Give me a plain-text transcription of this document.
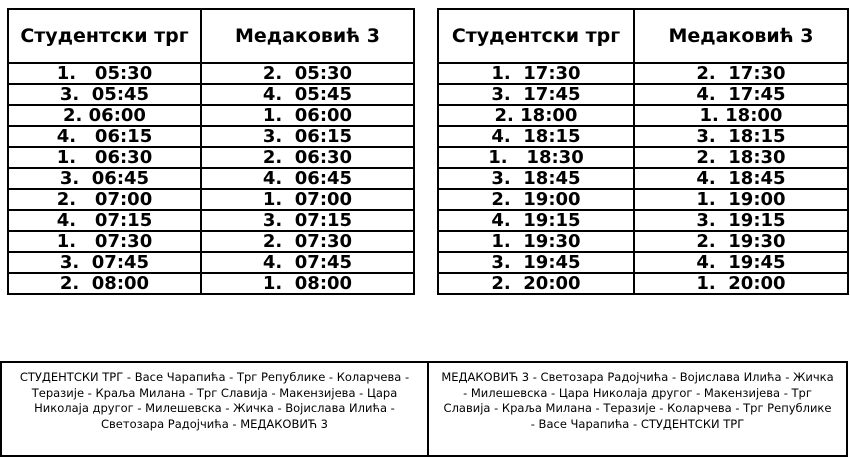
Студентски трг	Медаковић 3
1.   05:30	2.  05:30
3.  05:45	4.  05:45
2. 06:00	1.  06:00
4.   06:15	3.  06:15
1.   06:30	2.  06:30
3.  06:45	4.  06:45
2.   07:00	1.  07:00
4.   07:15	3.  07:15
1.   07:30	2.  07:30
3.  07:45	4.  07:45
2.  08:00	1.  08:00
Студентски трг	Медаковић 3
1.  17:30	2.  17:30
3.  17:45	4.  17:45
2. 18:00	1. 18:00
4.  18:15	3.  18:15
1.   18:30	2.  18:30
3.  18:45	4.  18:45
2.  19:00	1.  19:00
4.  19:15	3.  19:15
1.  19:30	2.  19:30
3.  19:45	4.  19:45
2.  20:00	1.  20:00
СТУДЕНТСКИ ТРГ - Васе Чарапића - Трг Републике - Коларчева - Теразије - Краља Милана - Трг Славија - Макензијева - Цара Николаја другог - Милешевска - Жичка - Војислава Илића - Светозара Радојчића - МЕДАКОВИЋ 3
МЕДАКОВИЋ 3 - Светозара Радојчића - Војислава Илића - Жичка - Милешевска - Цара Николаја другог - Макензијева - Трг Славија - Краља Милана - Теразије - Коларчева - Трг Републике - Васе Чарапића - СТУДЕНТСКИ ТРГ
